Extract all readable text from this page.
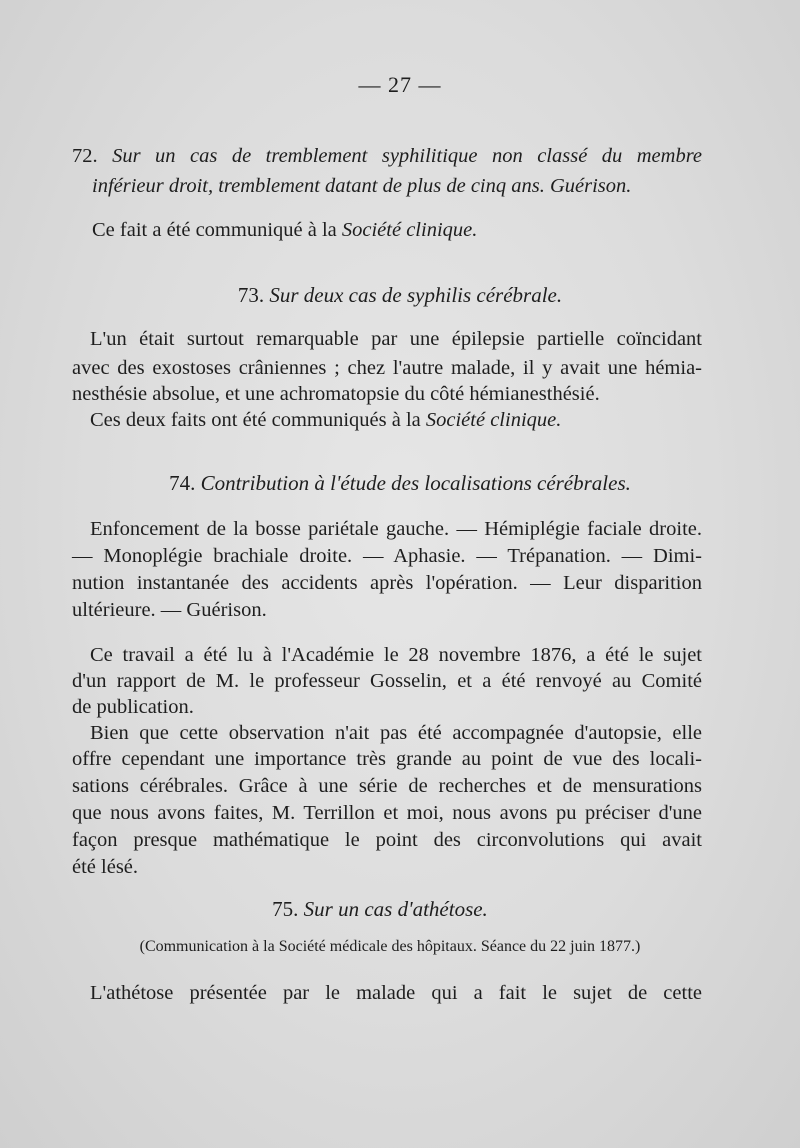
— 27 —
72. Sur un cas de tremblement syphilitique non classé du membre
inférieur droit, tremblement datant de plus de cinq ans. Guérison.
Ce fait a été communiqué à la Société clinique.
73. Sur deux cas de syphilis cérébrale.
L'un était surtout remarquable par une épilepsie partielle coïncidant
avec des exostoses crâniennes ; chez l'autre malade, il y avait une hémia-
nesthésie absolue, et une achromatopsie du côté hémianesthésié.
Ces deux faits ont été communiqués à la Société clinique.
74. Contribution à l'étude des localisations cérébrales.
Enfoncement de la bosse pariétale gauche. — Hémiplégie faciale droite.
— Monoplégie brachiale droite. — Aphasie. — Trépanation. — Dimi-
nution instantanée des accidents après l'opération. — Leur disparition
ultérieure. — Guérison.
Ce travail a été lu à l'Académie le 28 novembre 1876, a été le sujet
d'un rapport de M. le professeur Gosselin, et a été renvoyé au Comité
de publication.
Bien que cette observation n'ait pas été accompagnée d'autopsie, elle
offre cependant une importance très grande au point de vue des locali-
sations cérébrales. Grâce à une série de recherches et de mensurations
que nous avons faites, M. Terrillon et moi, nous avons pu préciser d'une
façon presque mathématique le point des circonvolutions qui avait
été lésé.
75. Sur un cas d'athétose.
(Communication à la Société médicale des hôpitaux. Séance du 22 juin 1877.)
L'athétose présentée par le malade qui a fait le sujet de cette
